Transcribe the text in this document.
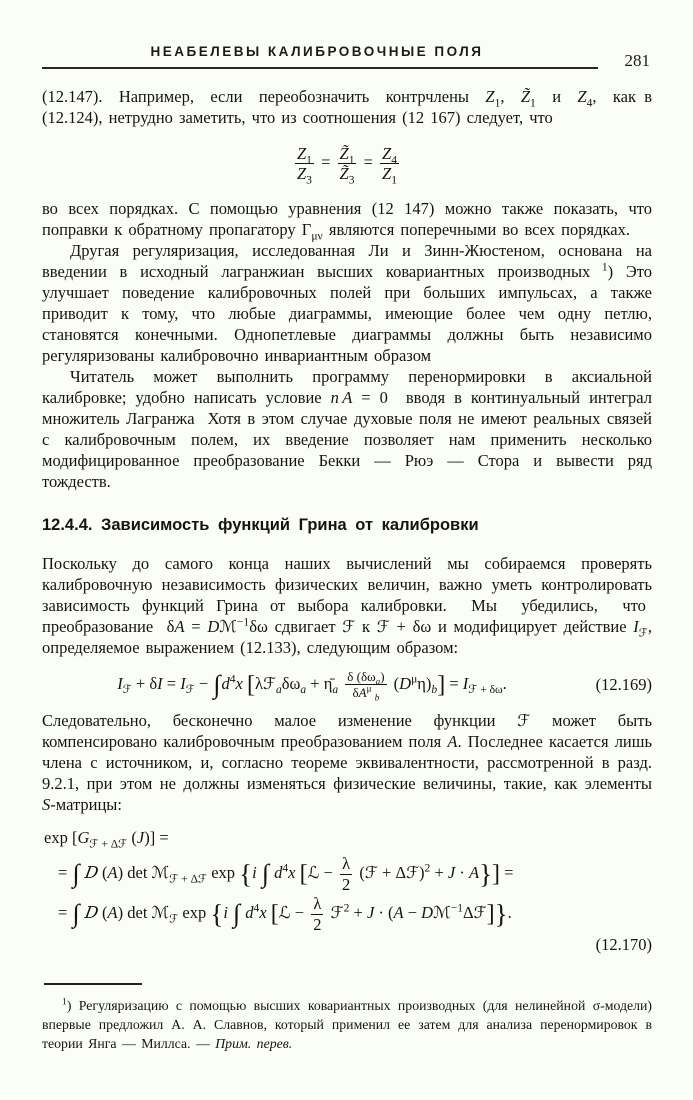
НЕАБЕЛЕВЫ КАЛИБРОВОЧНЫЕ ПОЛЯ	281

(12.147).  Например,  если  переобозначить  контрчлены  $Z_1$,  $Z̃_1$  и  $Z_4$,  как в (12.124), нетрудно заметить, что из соотношения (12 167) следует, что

$\frac{Z_1}{Z_3} = \frac{Z̃_1}{Z̃_3} = \frac{Z_4}{Z_1}$

во всех порядках. С помощью уравнения (12 147) можно также показать, что поправки к обратному пропагатору $\Gamma_{\mu\nu}$ являются поперечными во всех порядках.

Другая регуляризация, исследованная Ли и Зинн-Жюстеном, основана на введении в исходный лагранжиан высших ковариантных производных $^1$) Это улучшает поведение калибровочных полей при больших импульсах, а также приводит к тому, что любые диаграммы, имеющие более чем одну петлю, становятся конечными. Однопетлевые диаграммы должны быть независимо регуляризованы калибровочно инвариантным образом

Читатель может выполнить программу перенормировки в аксиальной калибровке; удобно написать условие n A = 0  вводя в континуальный интеграл множитель Лагранжа  Хотя в этом случае духовые поля не имеют реальных связей с калибровочным полем, их введение позволяет нам применить несколько модифицированное преобразование Бекки — Рюэ — Стора и вывести ряд тождеств.

12.4.4. Зависимость функций Грина от калибровки

Поскольку до самого конца наших вычислений мы собираемся проверять калибровочную независимость физических величин, важно уметь контролировать зависимость функций Грина от выбора калибровки.  Мы  убедились,  что  преобразование  δA = Dℳ$^{-1}$δω сдвигает ℱ к ℱ + δω и модифицирует действие $I_ℱ$, определяемое выражением (12.133), следующим образом:

$I_ℱ + \delta I = I_ℱ - \int d^4x$ [$\lambda ℱ_a\delta\omega_a$ + $\etā_a \frac{\delta (\delta\omega_a)}{\delta A^\mu _b} (D^\mu\eta)_b] = I_{ℱ + \delta\omega}$.	(12.169)

Следовательно, бесконечно малое изменение функции ℱ может быть компенсировано калибровочным преобразованием поля A. Последнее касается лишь члена с источником, и, согласно теореме эквивалентности, рассмотренной в разд. 9.2.1, при этом не должны изменяться физические величины, такие, как элементы S-матрицы:

$\exp [G_{ℱ + \Delta ℱ}$ (J)] =
= ∫ D (A) det ℳ$_{ℱ + \Delta ℱ}$ exp {i ∫ $d^4x$ [ℒ − $\frac{\lambda}{2}$ (ℱ + Δℱ)$^2$ + J · A}] =
= ∫ D (A) det ℳ$_ℱ$ exp {i ∫ $d^4x$ [ℒ − $\frac{\lambda}{2}$ ℱ$^2$ + J · (A − Dℳ$^{-1}$Δℱ]}.
(12.170)

$^1$) Регуляризацию с помощью высших ковариантных производных (для нелинейной σ-модели) впервые предложил А. А. Славнов, который применил ее затем для анализа перенормировок в теории Янга — Миллса. — Прим. перев.
